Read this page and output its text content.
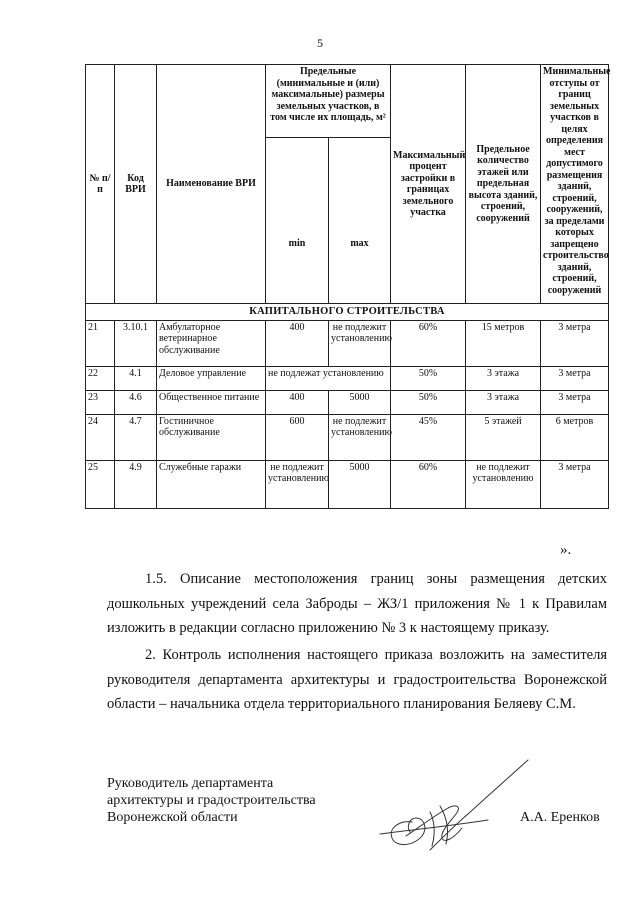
5
№ п/п	Код ВРИ	Наименование ВРИ	Предельные (минимальные и (или) максимальные) размеры земельных участков, в том числе их площадь, м²		Максимальный процент застройки в границах земельного участка	Предельное количество этажей или предельная высота зданий, строений, сооружений	Минимальные отступы от границ земельных участков в целях определения мест допустимого размещения зданий, строений, сооружений, за пределами которых запрещено строительство зданий, строений, сооружений
			min	max			
КАПИТАЛЬНОГО СТРОИТЕЛЬСТВА							
21	3.10.1	Амбулаторное ветеринарное обслуживание	400	не подлежит установлению	60%	15 метров	3 метра
22	4.1	Деловое управление	не подлежат установлению		50%	3 этажа	3 метра
23	4.6	Общественное питание	400	5000	50%	3 этажа	3 метра
24	4.7	Гостиничное обслуживание	600	не подлежит установлению	45%	5 этажей	6 метров
25	4.9	Служебные гаражи	не подлежит установлению	5000	60%	не подлежит установлению	3 метра
».
1.5. Описание местоположения границ зоны размещения детских дошкольных учреждений села Заброды – ЖЗ/1 приложения № 1 к Правилам изложить в редакции согласно приложению № 3 к настоящему приказу.
2. Контроль исполнения настоящего приказа возложить на заместителя руководителя департамента архитектуры и градостроительства Воронежской области – начальника отдела территориального планирования Беляеву С.М.
Руководитель департамента
архитектуры и градостроительства
Воронежской области	А.А. Еренков
